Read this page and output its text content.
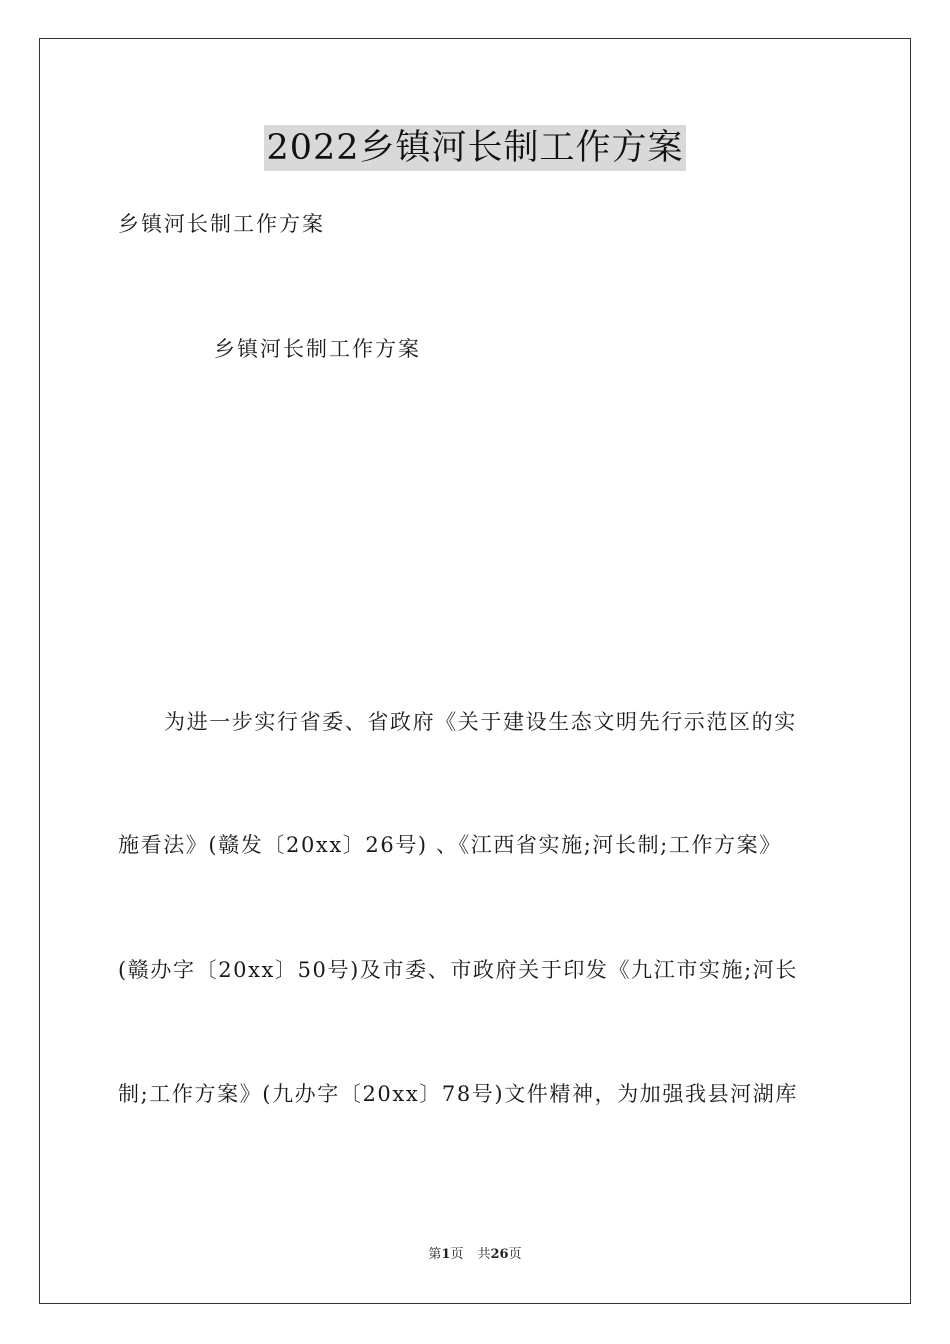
2022乡镇河长制工作方案
乡镇河长制工作方案
乡镇河长制工作方案
为进一步实行省委、省政府《关于建设生态文明先行示范区的实
施看法》(赣发〔20xx〕26号) 、《江西省实施;河长制;工作方案》
(赣办字〔20xx〕50号)及市委、市政府关于印发《九江市实施;河长
制;工作方案》(九办字〔20xx〕78号)文件精神，为加强我县河湖库
第1页 共26页
